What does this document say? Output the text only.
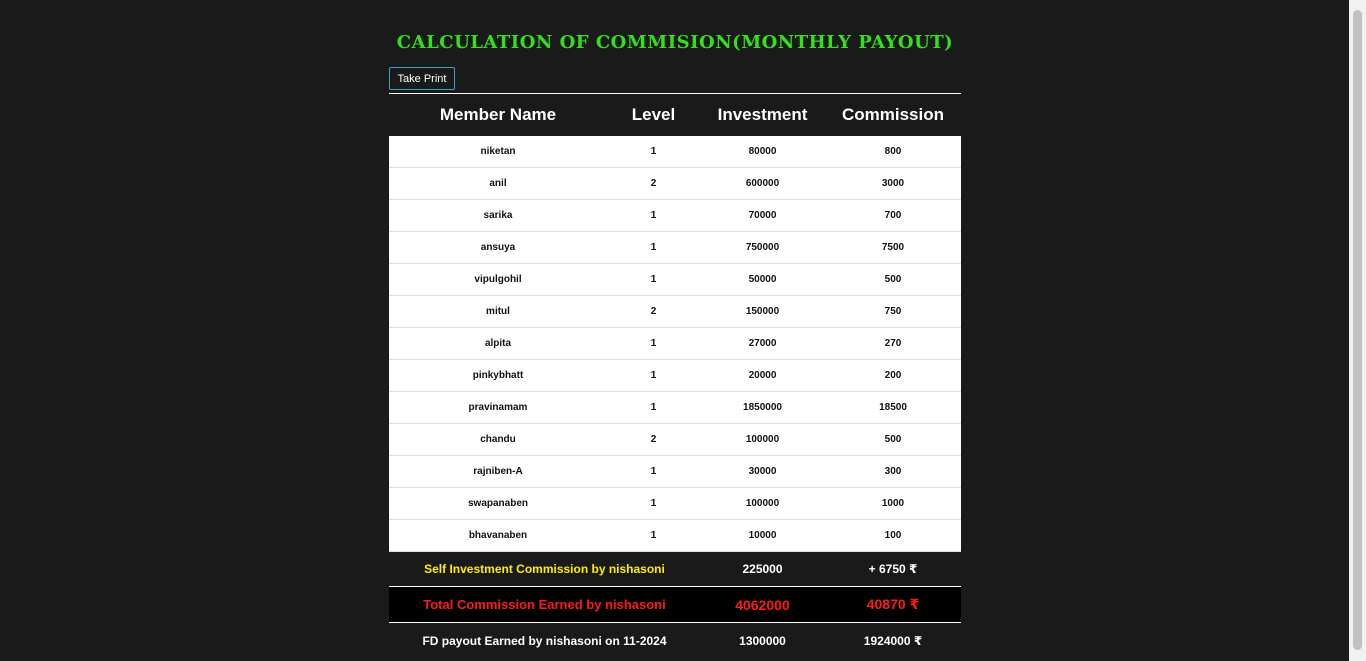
CALCULATION OF COMMISION(MONTHLY PAYOUT)
Take Print
Member Name	Level	Investment	Commission
niketan	1	80000	800
anil	2	600000	3000
sarika	1	70000	700
ansuya	1	750000	7500
vipulgohil	1	50000	500
mitul	2	150000	750
alpita	1	27000	270
pinkybhatt	1	20000	200
pravinamam	1	1850000	18500
chandu	2	100000	500
rajniben-A	1	30000	300
swapanaben	1	100000	1000
bhavanaben	1	10000	100
Self Investment Commission by nishasoni		225000	+ 6750 ₹
Total Commission Earned by nishasoni		4062000	40870 ₹
FD payout Earned by nishasoni on 11-2024		1300000	1924000 ₹
